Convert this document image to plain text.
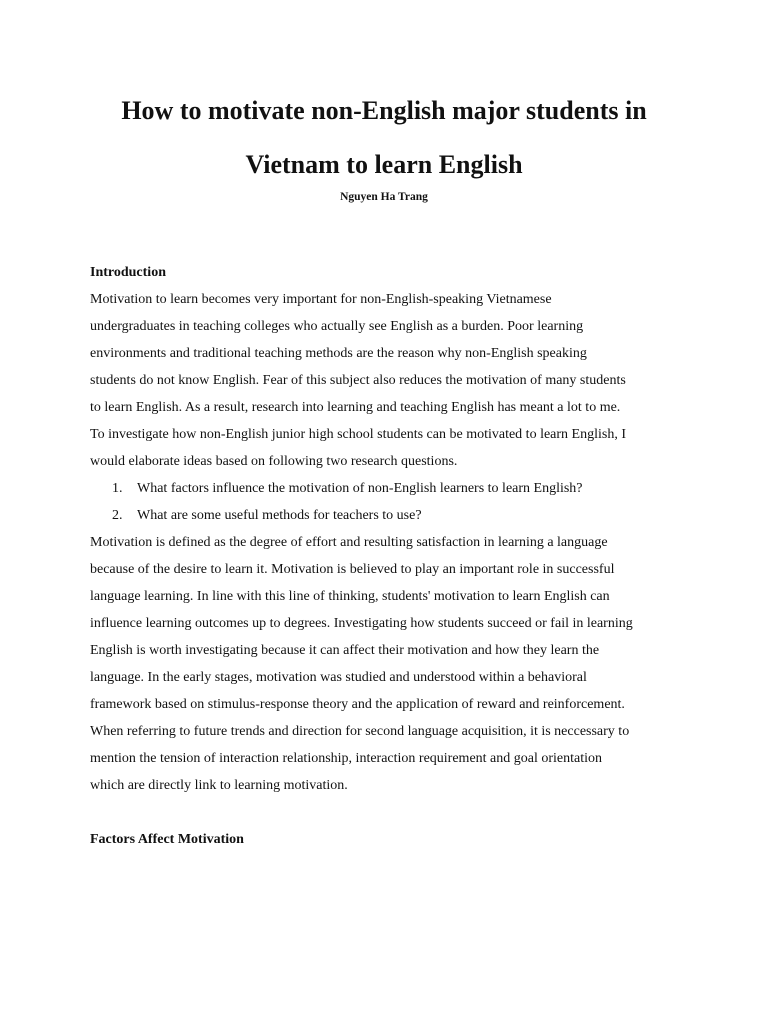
How to motivate non-English major students in
Vietnam to learn English

Nguyen Ha Trang

Introduction

Motivation to learn becomes very important for non-English-speaking Vietnamese
undergraduates in teaching colleges who actually see English as a burden. Poor learning
environments and traditional teaching methods are the reason why non-English speaking
students do not know English. Fear of this subject also reduces the motivation of many students
to learn English. As a result, research into learning and teaching English has meant a lot to me.
To investigate how non-English junior high school students can be motivated to learn English, I
would elaborate ideas based on following two research questions.

1.	What factors influence the motivation of non-English learners to learn English?
2.	What are some useful methods for teachers to use?

Motivation is defined as the degree of effort and resulting satisfaction in learning a language
because of the desire to learn it. Motivation is believed to play an important role in successful
language learning. In line with this line of thinking, students' motivation to learn English can
influence learning outcomes up to degrees. Investigating how students succeed or fail in learning
English is worth investigating because it can affect their motivation and how they learn the
language. In the early stages, motivation was studied and understood within a behavioral
framework based on stimulus-response theory and the application of reward and reinforcement.
When referring to future trends and direction for second language acquisition, it is neccessary to
mention the tension of interaction relationship, interaction requirement and goal orientation
which are directly link to learning motivation.

Factors Affect Motivation
